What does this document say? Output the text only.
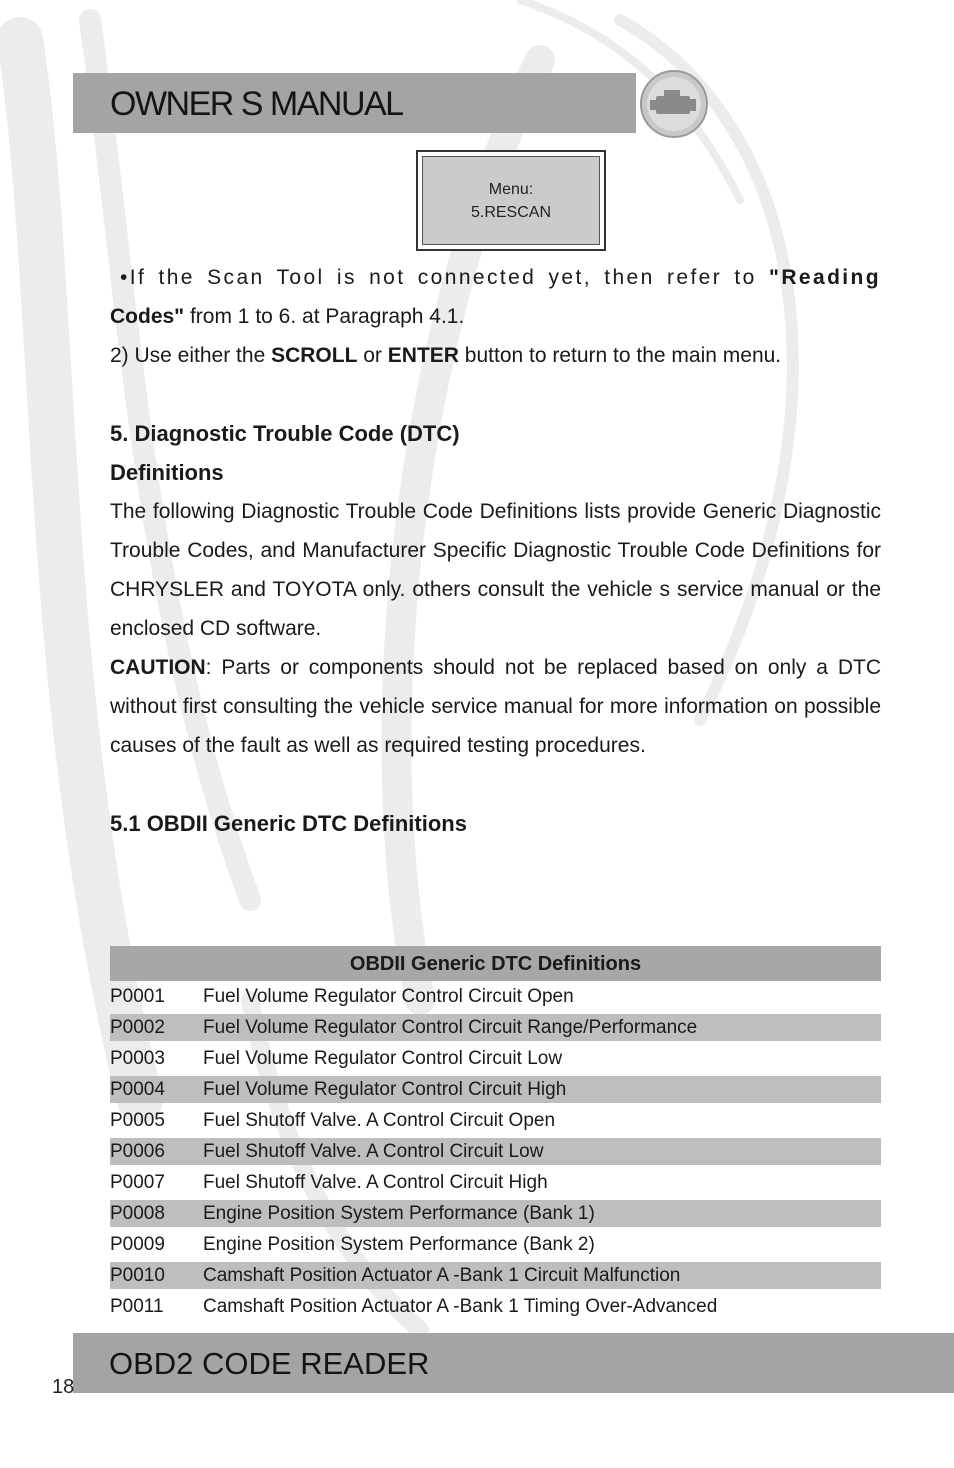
OWNER S MANUAL
Menu:
5.RESCAN

•If the Scan Tool is not connected yet, then refer to "Reading

Codes" from 1 to 6. at Paragraph 4.1.

2) Use either the SCROLL or ENTER button to return to the main menu.

5. Diagnostic Trouble Code (DTC)

Definitions

The following Diagnostic Trouble Code Definitions lists provide Generic Diagnostic Trouble Codes, and Manufacturer Specific Diagnostic Trouble Code Definitions for CHRYSLER and TOYOTA only. others consult the vehicle s service manual or the enclosed CD software.

CAUTION: Parts or components should not be replaced based on only a DTC without first consulting the vehicle service manual for more information on possible causes of the fault as well as required testing procedures.

5.1 OBDII Generic DTC Definitions

OBDII Generic DTC Definitions
P0001	Fuel Volume Regulator Control Circuit Open
P0002	Fuel Volume Regulator Control Circuit Range/Performance
P0003	Fuel Volume Regulator Control Circuit Low
P0004	Fuel Volume Regulator Control Circuit High
P0005	Fuel Shutoff Valve. A Control Circuit Open
P0006	Fuel Shutoff Valve. A Control Circuit Low
P0007	Fuel Shutoff Valve. A Control Circuit High
P0008	Engine Position System Performance (Bank 1)
P0009	Engine Position System Performance (Bank 2)
P0010	Camshaft Position Actuator A -Bank 1 Circuit Malfunction
P0011	Camshaft Position Actuator A -Bank 1 Timing Over-Advanced
OBD2 CODE READER
18
